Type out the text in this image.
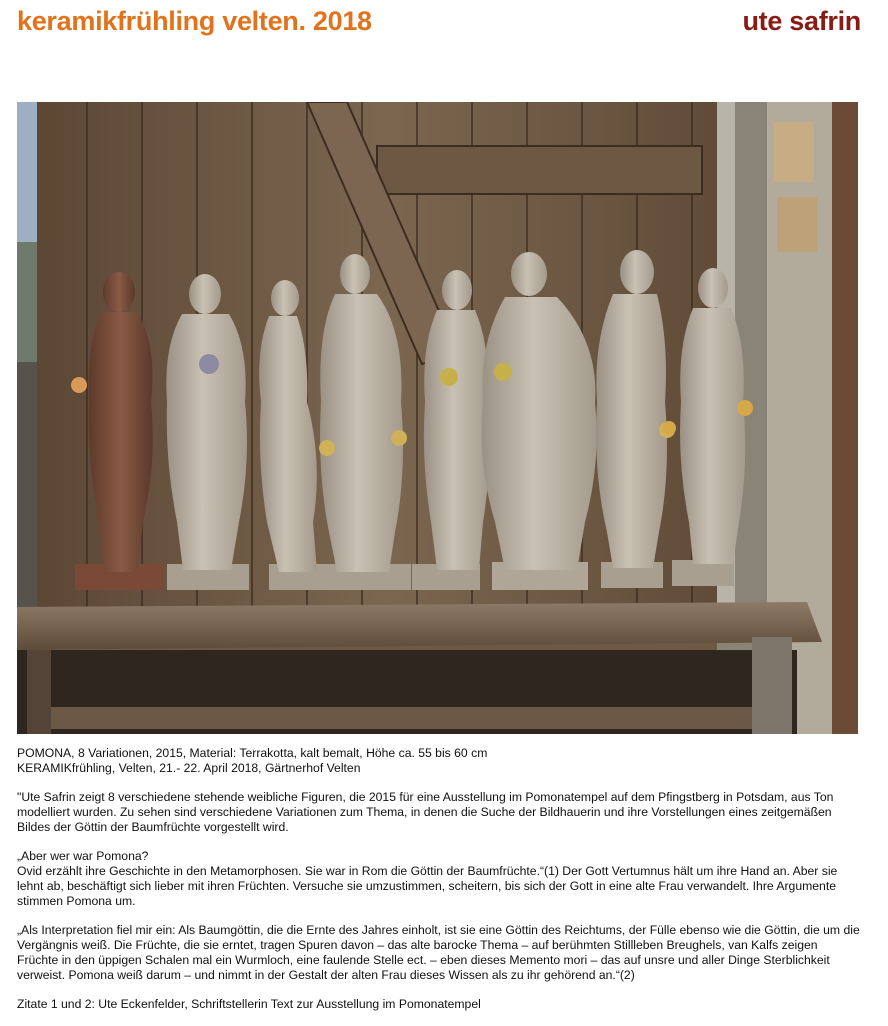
keramikfrühling velten. 2018	ute safrin

POMONA, 8 Variationen, 2015, Material: Terrakotta, kalt bemalt, Höhe ca. 55 bis 60 cm
KERAMIKfrühling, Velten, 21.- 22. April 2018, Gärtnerhof Velten

"Ute Safrin zeigt 8 verschiedene stehende weibliche Figuren, die 2015 für eine Ausstellung im Pomonatempel auf dem Pfingstberg in Potsdam, aus Ton modelliert wurden. Zu sehen sind verschiedene Variationen zum Thema, in denen die Suche der Bildhauerin und ihre Vorstellungen eines zeitgemäßen Bildes der Göttin der Baumfrüchte vorgestellt wird.

„Aber wer war Pomona?
Ovid erzählt ihre Geschichte in den Metamorphosen. Sie war in Rom die Göttin der Baumfrüchte.“(1) Der Gott Vertumnus hält um ihre Hand an. Aber sie lehnt ab, beschäftigt sich lieber mit ihren Früchten. Versuche sie umzustimmen, scheitern, bis sich der Gott in eine alte Frau verwandelt. Ihre Argumente stimmen Pomona um.

„Als Interpretation fiel mir ein: Als Baumgöttin, die die Ernte des Jahres einholt, ist sie eine Göttin des Reichtums, der Fülle ebenso wie die Göttin, die um die Vergängnis weiß. Die Früchte, die sie erntet, tragen Spuren davon – das alte barocke Thema – auf berühmten Stillleben Breughels, van Kalfs zeigen Früchte in den üppigen Schalen mal ein Wurmloch, eine faulende Stelle ect. – eben dieses Memento mori – das auf unsre und aller Dinge Sterblichkeit verweist. Pomona weiß darum – und nimmt in der Gestalt der alten Frau dieses Wissen als zu ihr gehörend an.“(2)

Zitate 1 und 2: Ute Eckenfelder, Schriftstellerin Text zur Ausstellung im Pomonatempel
